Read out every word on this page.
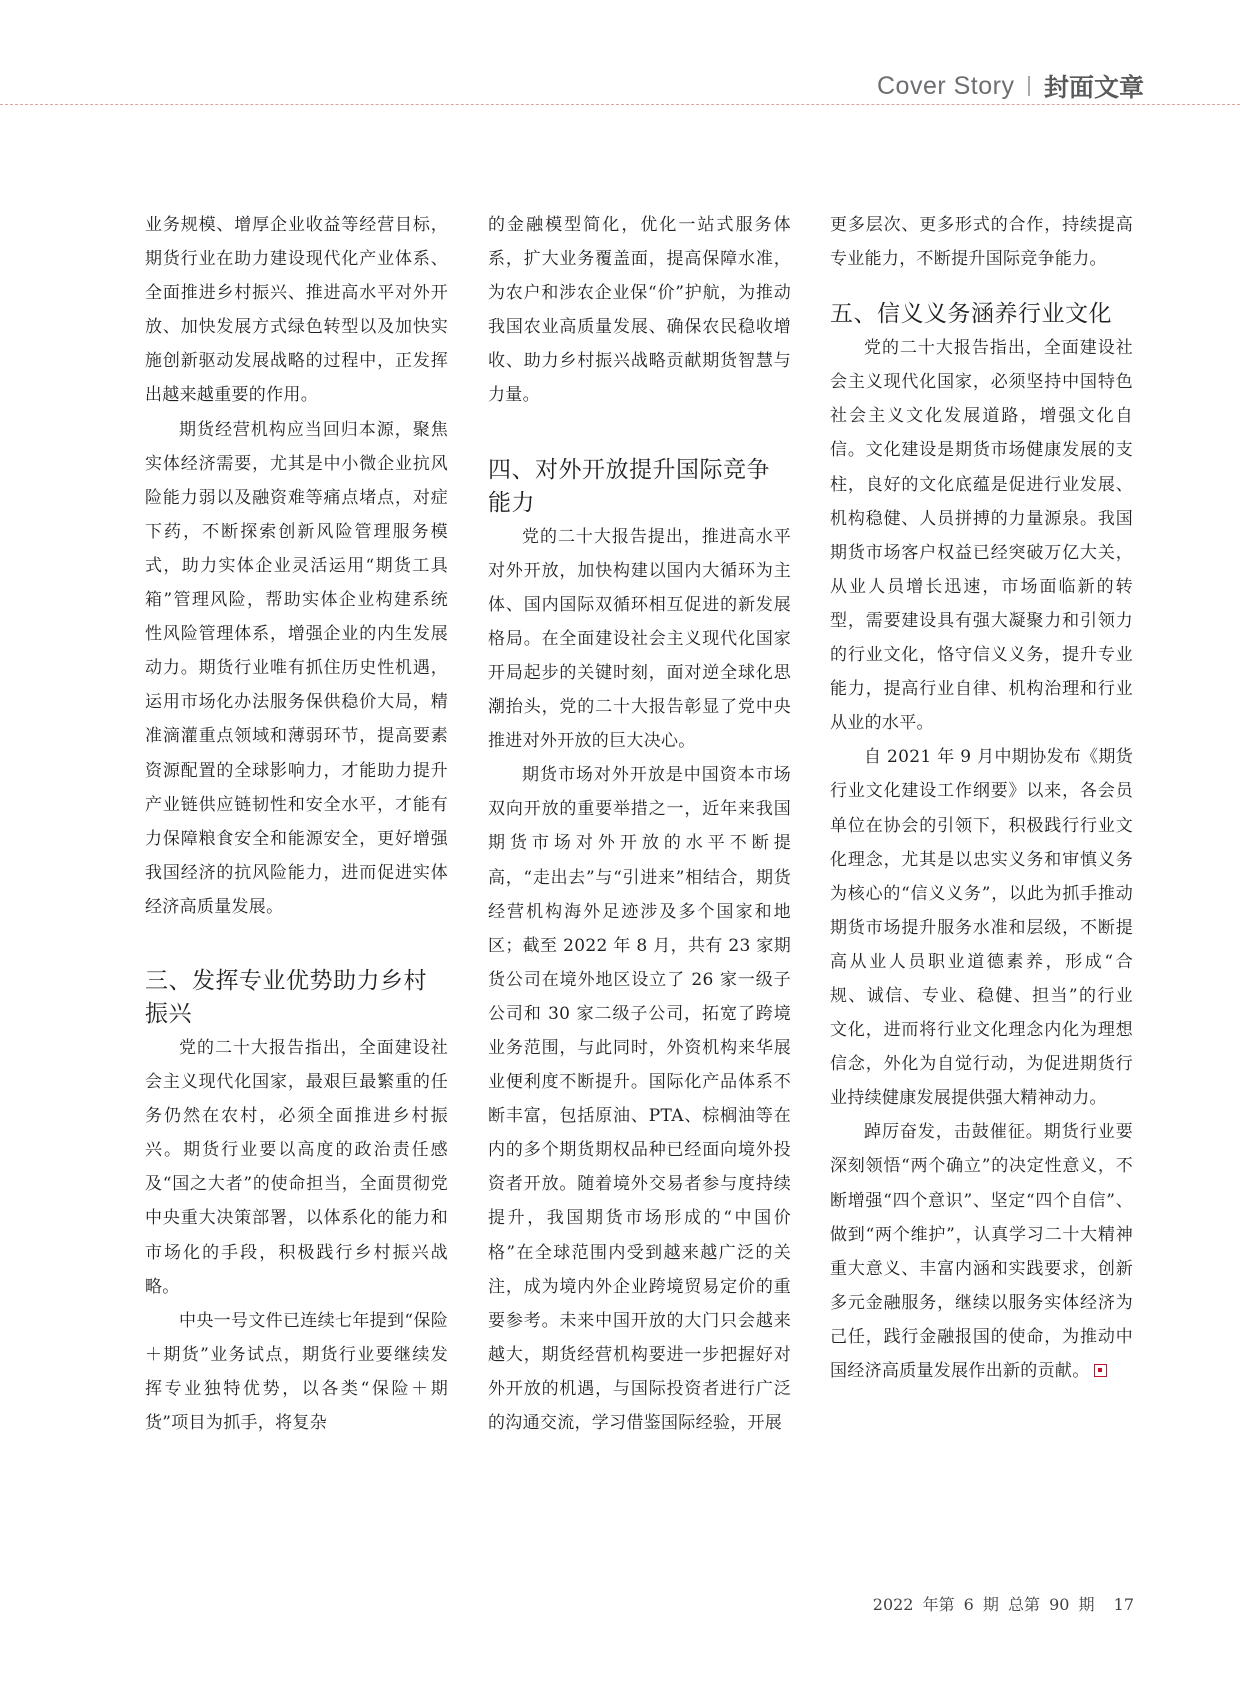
Cover Story 封面文章

业务规模、增厚企业收益等经营目标，期货行业在助力建设现代化产业体系、全面推进乡村振兴、推进高水平对外开放、加快发展方式绿色转型以及加快实施创新驱动发展战略的过程中，正发挥出越来越重要的作用。

期货经营机构应当回归本源，聚焦实体经济需要，尤其是中小微企业抗风险能力弱以及融资难等痛点堵点，对症下药，不断探索创新风险管理服务模式，助力实体企业灵活运用“期货工具箱”管理风险，帮助实体企业构建系统性风险管理体系，增强企业的内生发展动力。期货行业唯有抓住历史性机遇，运用市场化办法服务保供稳价大局，精准滴灌重点领域和薄弱环节，提高要素资源配置的全球影响力，才能助力提升产业链供应链韧性和安全水平，才能有力保障粮食安全和能源安全，更好增强我国经济的抗风险能力，进而促进实体经济高质量发展。

三、发挥专业优势助力乡村振兴

党的二十大报告指出，全面建设社会主义现代化国家，最艰巨最繁重的任务仍然在农村，必须全面推进乡村振兴。期货行业要以高度的政治责任感及“国之大者”的使命担当，全面贯彻党中央重大决策部署，以体系化的能力和市场化的手段，积极践行乡村振兴战略。

中央一号文件已连续七年提到“保险＋期货”业务试点，期货行业要继续发挥专业独特优势，以各类“保险＋期货”项目为抓手，将复杂

的金融模型简化，优化一站式服务体系，扩大业务覆盖面，提高保障水准，为农户和涉农企业保“价”护航，为推动我国农业高质量发展、确保农民稳收增收、助力乡村振兴战略贡献期货智慧与力量。

四、对外开放提升国际竞争能力

党的二十大报告提出，推进高水平对外开放，加快构建以国内大循环为主体、国内国际双循环相互促进的新发展格局。在全面建设社会主义现代化国家开局起步的关键时刻，面对逆全球化思潮抬头，党的二十大报告彰显了党中央推进对外开放的巨大决心。

期货市场对外开放是中国资本市场双向开放的重要举措之一，近年来我国期货市场对外开放的水平不断提高，“走出去”与“引进来”相结合，期货经营机构海外足迹涉及多个国家和地区；截至 2022 年 8 月，共有 23 家期货公司在境外地区设立了 26 家一级子公司和 30 家二级子公司，拓宽了跨境业务范围，与此同时，外资机构来华展业便利度不断提升。国际化产品体系不断丰富，包括原油、PTA、棕榈油等在内的多个期货期权品种已经面向境外投资者开放。随着境外交易者参与度持续提升，我国期货市场形成的“中国价格”在全球范围内受到越来越广泛的关注，成为境内外企业跨境贸易定价的重要参考。未来中国开放的大门只会越来越大，期货经营机构要进一步把握好对外开放的机遇，与国际投资者进行广泛的沟通交流，学习借鉴国际经验，开展

更多层次、更多形式的合作，持续提高专业能力，不断提升国际竞争能力。

五、信义义务涵养行业文化

党的二十大报告指出，全面建设社会主义现代化国家，必须坚持中国特色社会主义文化发展道路，增强文化自信。文化建设是期货市场健康发展的支柱，良好的文化底蕴是促进行业发展、机构稳健、人员拼搏的力量源泉。我国期货市场客户权益已经突破万亿大关，从业人员增长迅速，市场面临新的转型，需要建设具有强大凝聚力和引领力的行业文化，恪守信义义务，提升专业能力，提高行业自律、机构治理和行业从业的水平。

自 2021 年 9 月中期协发布《期货行业文化建设工作纲要》以来，各会员单位在协会的引领下，积极践行行业文化理念，尤其是以忠实义务和审慎义务为核心的“信义义务”，以此为抓手推动期货市场提升服务水准和层级，不断提高从业人员职业道德素养，形成“合规、诚信、专业、稳健、担当”的行业文化，进而将行业文化理念内化为理想信念，外化为自觉行动，为促进期货行业持续健康发展提供强大精神动力。

踔厉奋发，击鼓催征。期货行业要深刻领悟“两个确立”的决定性意义，不断增强“四个意识”、坚定“四个自信”、做到“两个维护”，认真学习二十大精神重大意义、丰富内涵和实践要求，创新多元金融服务，继续以服务实体经济为己任，践行金融报国的使命，为推动中国经济高质量发展作出新的贡献。

2022 年第 6 期 总第 90 期 17
